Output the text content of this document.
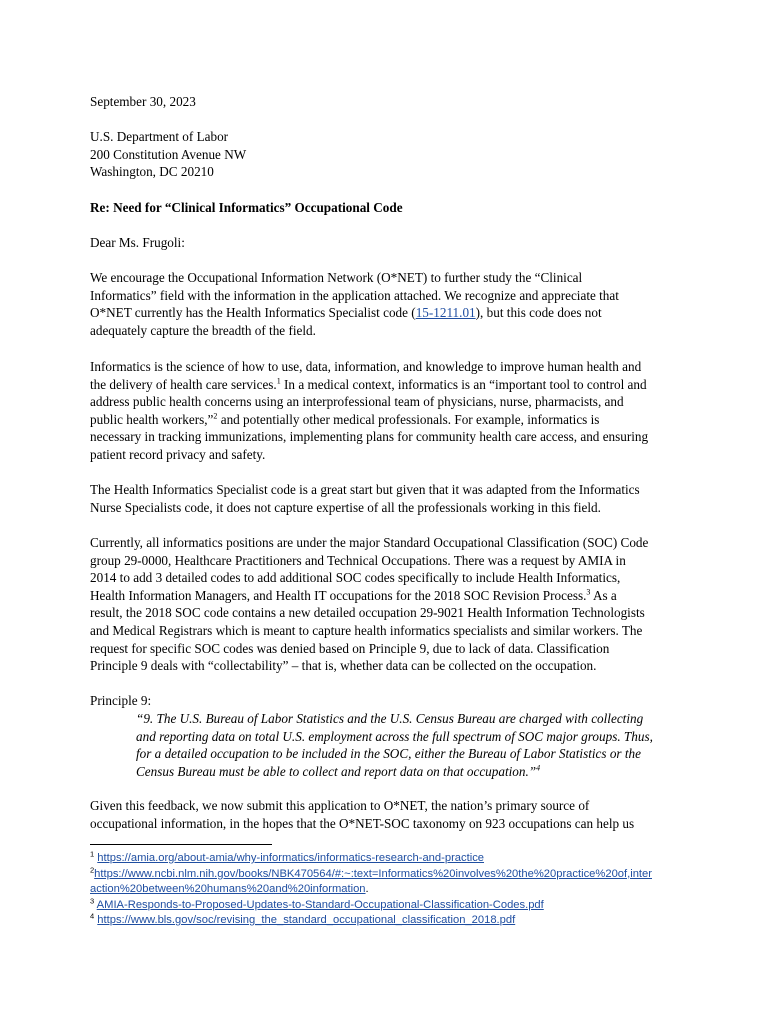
September 30, 2023
U.S. Department of Labor
200 Constitution Avenue NW
Washington, DC 20210
Re: Need for “Clinical Informatics” Occupational Code
Dear Ms. Frugoli:
We encourage the Occupational Information Network (O*NET) to further study the “Clinical
Informatics” field with the information in the application attached. We recognize and appreciate that
O*NET currently has the Health Informatics Specialist code (15-1211.01), but this code does not
adequately capture the breadth of the field.
Informatics is the science of how to use, data, information, and knowledge to improve human health and
the delivery of health care services.$^1$ In a medical context, informatics is an “important tool to control and
address public health concerns using an interprofessional team of physicians, nurse, pharmacists, and
public health workers,”$^2$ and potentially other medical professionals. For example, informatics is
necessary in tracking immunizations, implementing plans for community health care access, and ensuring
patient record privacy and safety.
The Health Informatics Specialist code is a great start but given that it was adapted from the Informatics
Nurse Specialists code, it does not capture expertise of all the professionals working in this field.
Currently, all informatics positions are under the major Standard Occupational Classification (SOC) Code
group 29-0000, Healthcare Practitioners and Technical Occupations. There was a request by AMIA in
2014 to add 3 detailed codes to add additional SOC codes specifically to include Health Informatics,
Health Information Managers, and Health IT occupations for the 2018 SOC Revision Process.$^3$ As a
result, the 2018 SOC code contains a new detailed occupation 29-9021 Health Information Technologists
and Medical Registrars which is meant to capture health informatics specialists and similar workers. The
request for specific SOC codes was denied based on Principle 9, due to lack of data. Classification
Principle 9 deals with “collectability” – that is, whether data can be collected on the occupation.
Principle 9:
“9. The U.S. Bureau of Labor Statistics and the U.S. Census Bureau are charged with collecting
and reporting data on total U.S. employment across the full spectrum of SOC major groups. Thus,
for a detailed occupation to be included in the SOC, either the Bureau of Labor Statistics or the
Census Bureau must be able to collect and report data on that occupation.”$^4$
Given this feedback, we now submit this application to O*NET, the nation’s primary source of
occupational information, in the hopes that the O*NET-SOC taxonomy on 923 occupations can help us
$^1$ https://amia.org/about-amia/why-informatics/informatics-research-and-practice
$^2$https://www.ncbi.nlm.nih.gov/books/NBK470564/#:~:text=Informatics%20involves%20the%20practice%20of,inter
action%20between%20humans%20and%20information.
$^3$ AMIA-Responds-to-Proposed-Updates-to-Standard-Occupational-Classification-Codes.pdf
$^4$ https://www.bls.gov/soc/revising_the_standard_occupational_classification_2018.pdf
